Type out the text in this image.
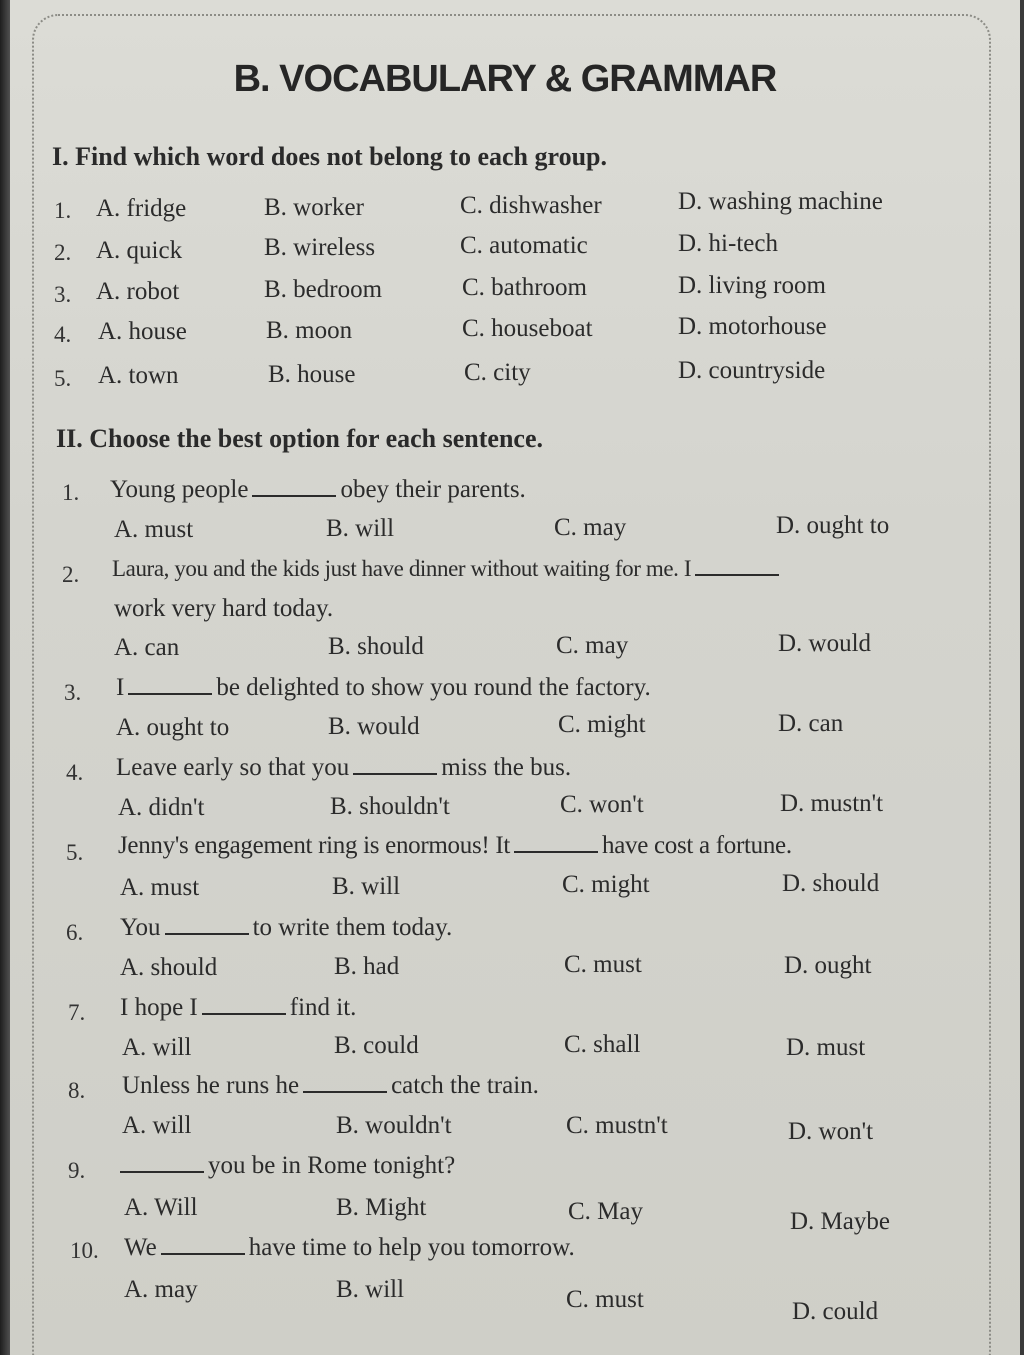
B. VOCABULARY & GRAMMAR
I. Find which word does not belong to each group.
1. A. fridge	B. worker	C. dishwasher	D. washing machine
2. A. quick	B. wireless	C. automatic	D. hi-tech
3. A. robot	B. bedroom	C. bathroom	D. living room
4. A. house	B. moon	C. houseboat	D. motorhouse
5. A. town	B. house	C. city	D. countryside
II. Choose the best option for each sentence.
1. Young people	obey their parents.
A. must	B. will	C. may	D. ought to
2. Laura, you and the kids just have dinner without waiting for me. I
work very hard today.
A. can	B. should	C. may	D. would
3. I	be delighted to show you round the factory.
A. ought to	B. would	C. might	D. can
4. Leave early so that you	miss the bus.
A. didn't	B. shouldn't	C. won't	D. mustn't
5. Jenny's engagement ring is enormous! It	have cost a fortune.
A. must	B. will	C. might	D. should
6. You	to write them today.
A. should	B. had	C. must	D. ought
7. I hope I	find it.
A. will	B. could	C. shall	D. must
8. Unless he runs he	catch the train.
A. will	B. wouldn't	C. mustn't	D. won't
9.	you be in Rome tonight?
A. Will	B. Might	C. May	D. Maybe
10. We	have time to help you tomorrow.
A. may	B. will	C. must	D. could
